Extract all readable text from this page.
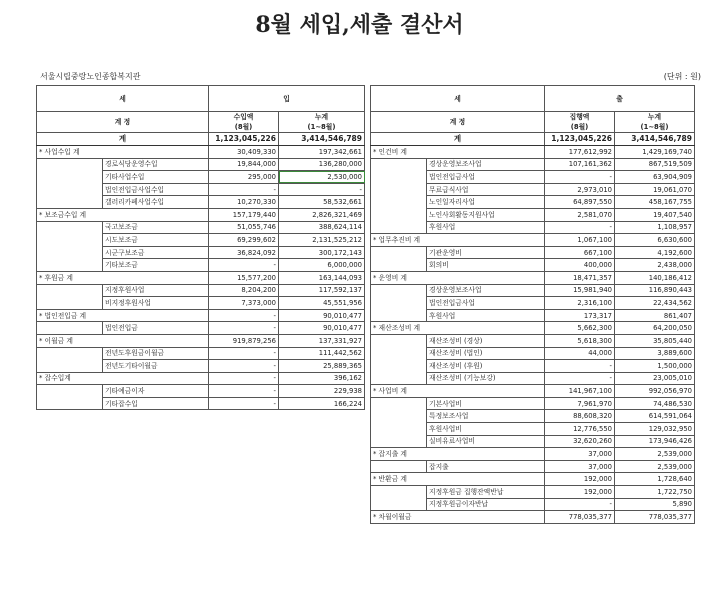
8월 세입,세출 결산서
서울시립중랑노인종합복지관	(단위 : 원)
세		입	
계 정		수입액
(8월)	누계
(1~8월)
계		1,123,045,226	3,414,546,789
* 사업수입 계		30,409,330	197,342,661
	경로식당운영수입	19,844,000	136,280,000
	기타사업수입	295,000	2,530,000
	법인전입금사업수입	-	-
	갤러리카페사업수입	10,270,330	58,532,661
* 보조금수입 계		157,179,440	2,826,321,469
	국고보조금	51,055,746	388,624,114
	시도보조금	69,299,602	2,131,525,212
	시군구보조금	36,824,092	300,172,143
	기타보조금	-	6,000,000
* 후원금 계		15,577,200	163,144,093
	지정후원사업	8,204,200	117,592,137
	비지정후원사업	7,373,000	45,551,956
* 법인전입금 계		-	90,010,477
	법인전입금	-	90,010,477
* 이월금 계		919,879,256	137,331,927
	전년도후원금이월금	-	111,442,562
	전년도기타이월금	-	25,889,365
* 잡수입계		-	396,162
	기타예금이자	-	229,938
	기타잡수입	-	166,224
세		출	
계 정		집행액
(8월)	누계
(1~8월)
계		1,123,045,226	3,414,546,789
* 인건비 계		177,612,992	1,429,169,740
	경상운영보조사업	107,161,362	867,519,509
	법인전입금사업	-	63,904,909
	무료급식사업	2,973,010	19,061,070
	노인일자리사업	64,897,550	458,167,755
	노인사회활동지원사업	2,581,070	19,407,540
	후원사업	-	1,108,957
* 업무추진비 계		1,067,100	6,630,600
	기관운영비	667,100	4,192,600
	회의비	400,000	2,438,000
* 운영비 계		18,471,357	140,186,412
	경상운영보조사업	15,981,940	116,890,443
	법인전입금사업	2,316,100	22,434,562
	후원사업	173,317	861,407
* 재산조성비 계		5,662,300	64,200,050
	재산조성비 (경상)	5,618,300	35,805,440
	재산조성비 (법인)	44,000	3,889,600
	재산조성비 (후원)	-	1,500,000
	재산조성비 (기능보강)	-	23,005,010
* 사업비 계		141,967,100	992,056,970
	기본사업비	7,961,970	74,486,530
	특정보조사업	88,608,320	614,591,064
	후원사업비	12,776,550	129,032,950
	실비유료사업비	32,620,260	173,946,426
* 잡지출 계		37,000	2,539,000
	잡지출	37,000	2,539,000
* 반환금 계		192,000	1,728,640
	지정후원금 집행잔액반납	192,000	1,722,750
	지정후원금이자반납	-	5,890
* 차월이월금		778,035,377	778,035,377
